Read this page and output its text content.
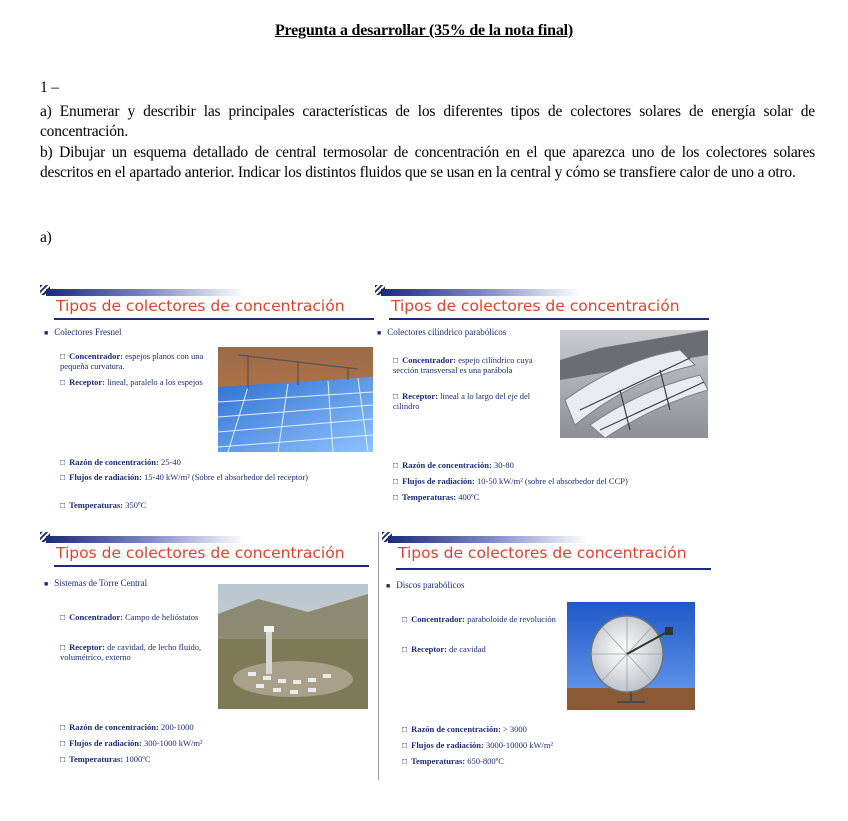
Pregunta a desarrollar (35% de la nota final)
1 –
a) Enumerar y describir las principales características de los diferentes tipos de colectores solares de energía solar de concentración.
b) Dibujar un esquema detallado de central termosolar de concentración en el que aparezca uno de los colectores solares descritos en el apartado anterior. Indicar los distintos fluidos que se usan en la central y cómo se transfiere calor de uno a otro.
a)
Tipos de colectores de concentración
■ Colectores Fresnel
□ Concentrador: espejos planos con una pequeña curvatura.
□ Receptor: lineal, paralelo a los espejos
□ Razón de concentración: 25-40
□ Flujos de radiación: 15-40 kW/m² (Sobre el absorbedor del receptor)
□ Temperaturas: 350ºC
Tipos de colectores de concentración
■ Colectores cilíndrico parabólicos
□ Concentrador: espejo cilíndrico cuya sección transversal es una parábola
□ Receptor: lineal a lo largo del eje del cilindro
□ Razón de concentración: 30-80
□ Flujos de radiación: 10-50 kW/m² (sobre el absorbedor del CCP)
□ Temperaturas: 400ºC
Tipos de colectores de concentración
■ Sistemas de Torre Central
□ Concentrador: Campo de helióstatos
□ Receptor: de cavidad, de lecho fluido, volumétrico, externo
□ Razón de concentración: 200-1000
□ Flujos de radiación: 300-1000 kW/m²
□ Temperaturas: 1000ºC
Tipos de colectores de concentración
■ Discos parabólicos
□ Concentrador: paraboloide de revolución
□ Receptor: de cavidad
□ Razón de concentración: > 3000
□ Flujos de radiación: 3000-10000 kW/m²
□ Temperaturas: 650-800ºC
